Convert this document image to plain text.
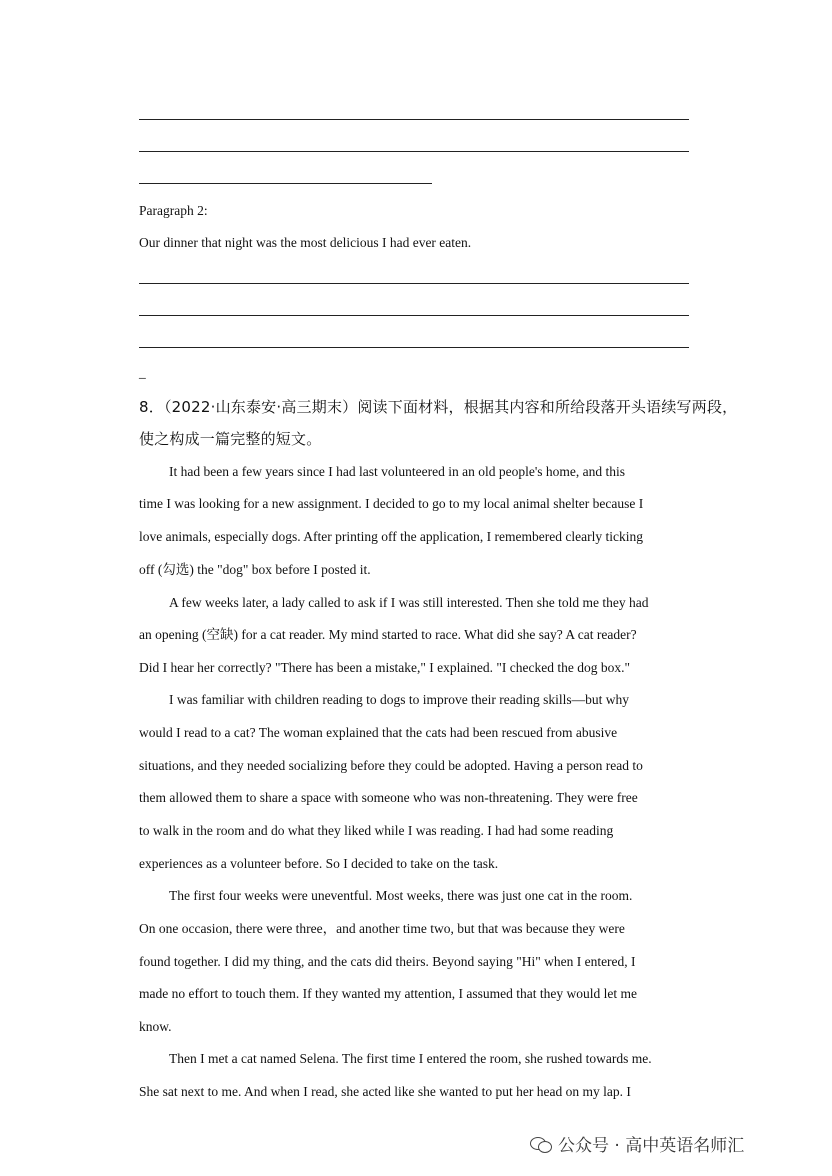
Paragraph 2:
Our dinner that night was the most delicious I had ever eaten.
_
8．（2022·山东泰安·高三期末）阅读下面材料，根据其内容和所给段落开头语续写两段，
使之构成一篇完整的短文。
It had been a few years since I had last volunteered in an old people's home, and this
time I was looking for a new assignment. I decided to go to my local animal shelter because I
love animals, especially dogs. After printing off the application, I remembered clearly ticking
off (勾选) the "dog" box before I posted it.
A few weeks later, a lady called to ask if I was still interested. Then she told me they had
an opening (空缺) for a cat reader. My mind started to race. What did she say? A cat reader?
Did I hear her correctly? "There has been a mistake," I explained. "I checked the dog box."
I was familiar with children reading to dogs to improve their reading skills—but why
would I read to a cat? The woman explained that the cats had been rescued from abusive
situations, and they needed socializing before they could be adopted. Having a person read to
them allowed them to share a space with someone who was non-threatening. They were free
to walk in the room and do what they liked while I was reading. I had had some reading
experiences as a volunteer before. So I decided to take on the task.
The first four weeks were uneventful. Most weeks, there was just one cat in the room.
On one occasion, there were three，and another time two, but that was because they were
found together. I did my thing, and the cats did theirs. Beyond saying "Hi" when I entered, I
made no effort to touch them. If they wanted my attention, I assumed that they would let me
know.
Then I met a cat named Selena. The first time I entered the room, she rushed towards me.
She sat next to me. And when I read, she acted like she wanted to put her head on my lap. I
公众号 · 高中英语名师汇
